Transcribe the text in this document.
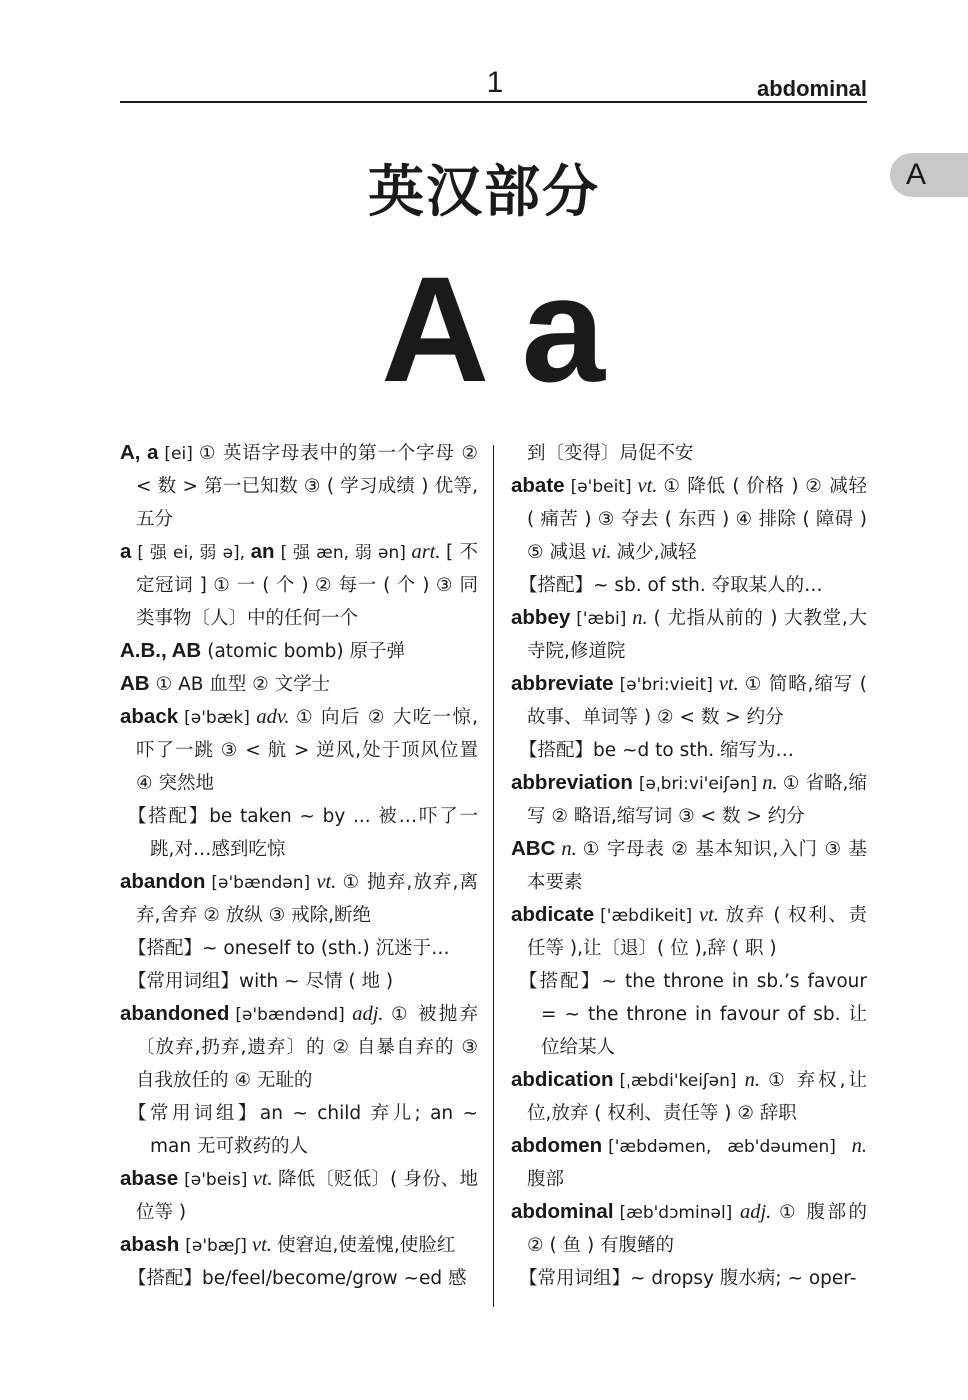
1	abdominal
A
英汉部分
A a

A, a [ei] ① 英语字母表中的第一个字母 ② < 数 > 第一已知数 ③ ( 学习成绩 ) 优等,五分

a [ 强 ei, 弱 ə], an [ 强 æn, 弱 ən] art. [ 不定冠词 ] ① 一 ( 个 ) ② 每一 ( 个 ) ③ 同类事物〔人〕中的任何一个

A.B., AB (atomic bomb) 原子弹

AB ① AB 血型 ② 文学士

aback [ə'bæk] adv. ① 向后 ② 大吃一惊,吓了一跳 ③ < 航 > 逆风,处于顶风位置 ④ 突然地

【搭配】be taken ~ by ... 被…吓了一跳,对…感到吃惊

abandon [ə'bændən] vt. ① 抛弃,放弃,离弃,舍弃 ② 放纵 ③ 戒除,断绝

【搭配】~ oneself to (sth.) 沉迷于…

【常用词组】with ~ 尽情 ( 地 )

abandoned [ə'bændənd] adj. ① 被抛弃〔放弃,扔弃,遗弃〕的 ② 自暴自弃的 ③ 自我放任的 ④ 无耻的

【常用词组】an ~ child 弃儿; an ~ man 无可救药的人

abase [ə'beis] vt. 降低〔贬低〕( 身份、地位等 )

abash [ə'bæʃ] vt. 使窘迫,使羞愧,使脸红

【搭配】be/feel/become/grow ~ed 感

到〔变得〕局促不安

abate [ə'beit] vt. ① 降低 ( 价格 ) ② 减轻 ( 痛苦 ) ③ 夺去 ( 东西 ) ④ 排除 ( 障碍 ) ⑤ 减退 vi. 减少,减轻

【搭配】~ sb. of sth. 夺取某人的…

abbey ['æbi] n. ( 尤指从前的 ) 大教堂,大寺院,修道院

abbreviate [ə'bri:vieit] vt. ① 简略,缩写 ( 故事、单词等 ) ② < 数 > 约分

【搭配】be ~d to sth. 缩写为…

abbreviation [əˌbri:vi'eiʃən] n. ① 省略,缩写 ② 略语,缩写词 ③ < 数 > 约分

ABC n. ① 字母表 ② 基本知识,入门 ③ 基本要素

abdicate ['æbdikeit] vt. 放弃 ( 权利、责任等 ),让〔退〕( 位 ),辞 ( 职 )

【搭配】~ the throne in sb.’s favour = ~ the throne in favour of sb. 让位给某人

abdication [ˌæbdi'keiʃən] n. ① 弃权,让位,放弃 ( 权利、责任等 ) ② 辞职

abdomen ['æbdəmen, æb'dəumen] n. 腹部

abdominal [æb'dɔminəl] adj. ① 腹部的 ② ( 鱼 ) 有腹鳍的

【常用词组】~ dropsy 腹水病; ~ oper-
